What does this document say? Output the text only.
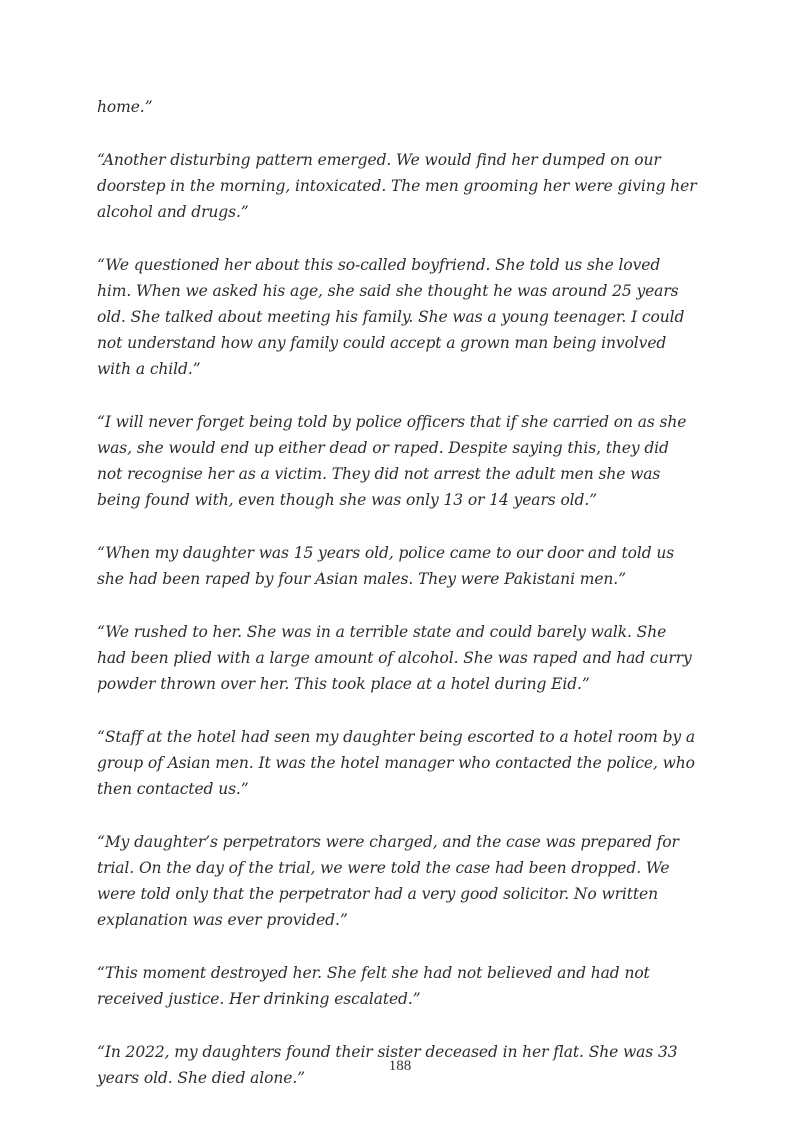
home.”

“Another disturbing pattern emerged. We would find her dumped on our doorstep in the morning, intoxicated. The men grooming her were giving her alcohol and drugs.”

“We questioned her about this so-called boyfriend. She told us she loved him. When we asked his age, she said she thought he was around 25 years old. She talked about meeting his family. She was a young teenager. I could not understand how any family could accept a grown man being involved with a child.”

“I will never forget being told by police officers that if she carried on as she was, she would end up either dead or raped. Despite saying this, they did not recognise her as a victim. They did not arrest the adult men she was being found with, even though she was only 13 or 14 years old.”

“When my daughter was 15 years old, police came to our door and told us she had been raped by four Asian males. They were Pakistani men.”

“We rushed to her. She was in a terrible state and could barely walk. She had been plied with a large amount of alcohol. She was raped and had curry powder thrown over her. This took place at a hotel during Eid.”

“Staff at the hotel had seen my daughter being escorted to a hotel room by a group of Asian men. It was the hotel manager who contacted the police, who then contacted us.”

“My daughter’s perpetrators were charged, and the case was prepared for trial. On the day of the trial, we were told the case had been dropped. We were told only that the perpetrator had a very good solicitor. No written explanation was ever provided.”

“This moment destroyed her. She felt she had not believed and had not received justice. Her drinking escalated.”

“In 2022, my daughters found their sister deceased in her flat. She was 33 years old. She died alone.”

188
